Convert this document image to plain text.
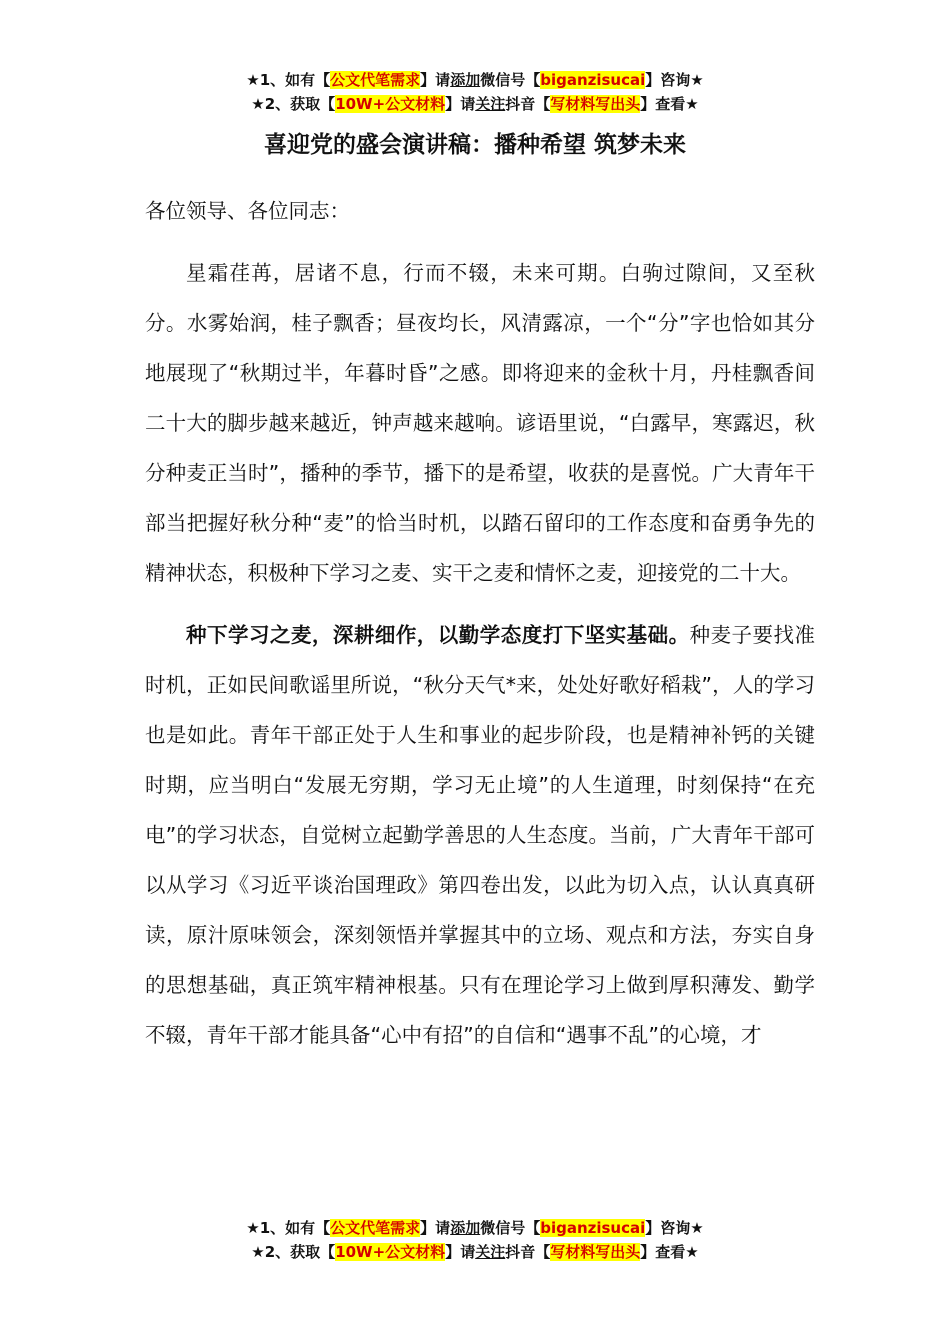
★1、如有【公文代笔需求】请添加微信号【biganzisucai】咨询★
★2、获取【10W+公文材料】请关注抖音【写材料写出头】查看★
喜迎党的盛会演讲稿：播种希望 筑梦未来

各位领导、各位同志：

星霜荏苒，居诸不息，行而不辍，未来可期。白驹过隙间，又至秋分。水雾始润，桂子飘香；昼夜均长，风清露凉，一个“分”字也恰如其分地展现了“秋期过半，年暮时昏”之感。即将迎来的金秋十月，丹桂飘香间二十大的脚步越来越近，钟声越来越响。谚语里说，“白露早，寒露迟，秋分种麦正当时”，播种的季节，播下的是希望，收获的是喜悦。广大青年干部当把握好秋分种“麦”的恰当时机，以踏石留印的工作态度和奋勇争先的精神状态，积极种下学习之麦、实干之麦和情怀之麦，迎接党的二十大。

种下学习之麦，深耕细作，以勤学态度打下坚实基础。种麦子要找准时机，正如民间歌谣里所说，“秋分天气*来，处处好歌好稻栽”，人的学习也是如此。青年干部正处于人生和事业的起步阶段，也是精神补钙的关键时期，应当明白“发展无穷期，学习无止境”的人生道理，时刻保持“在充电”的学习状态，自觉树立起勤学善思的人生态度。当前，广大青年干部可以从学习《习近平谈治国理政》第四卷出发，以此为切入点，认认真真研读，原汁原味领会，深刻领悟并掌握其中的立场、观点和方法，夯实自身的思想基础，真正筑牢精神根基。只有在理论学习上做到厚积薄发、勤学不辍，青年干部才能具备“心中有招”的自信和“遇事不乱”的心境，才

★1、如有【公文代笔需求】请添加微信号【biganzisucai】咨询★
★2、获取【10W+公文材料】请关注抖音【写材料写出头】查看★
